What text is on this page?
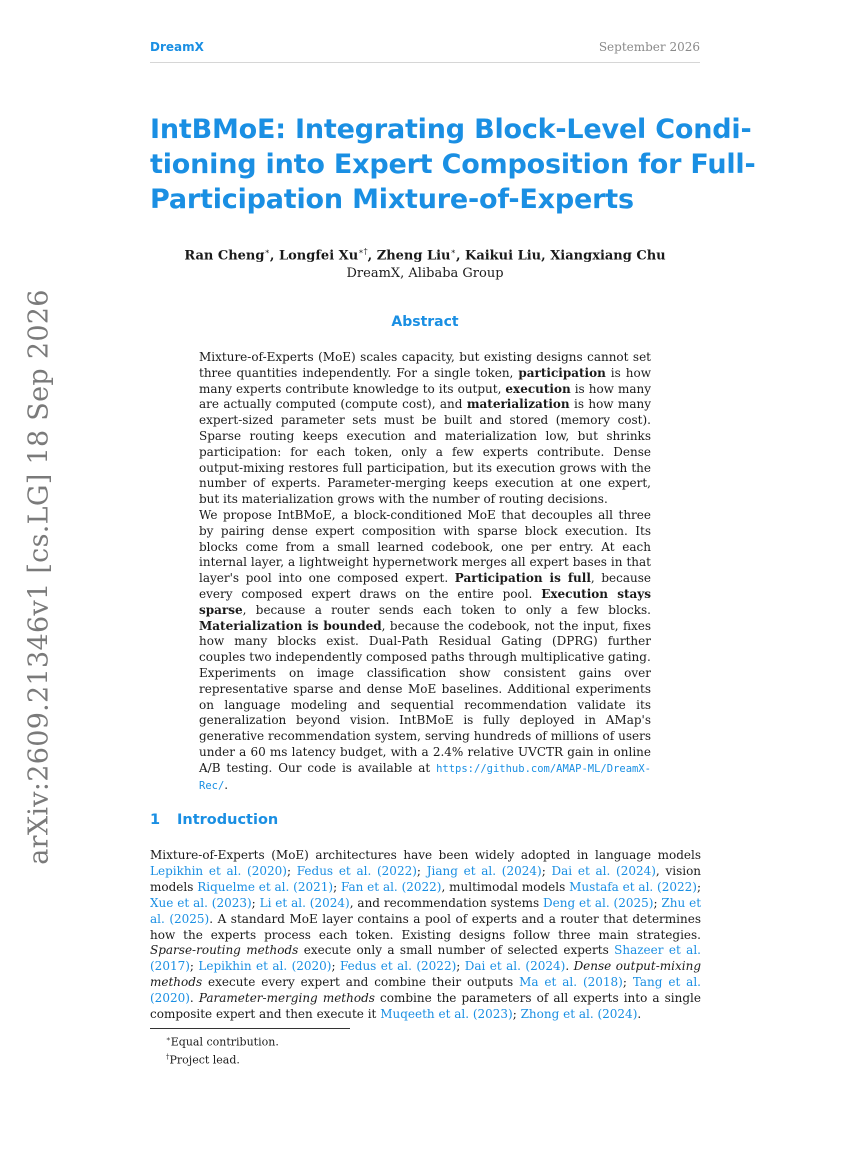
DreamX	September 2026
IntBMoE: Integrating Block-Level Condi-
tioning into Expert Composition for Full-
Participation Mixture-of-Experts
Ran Cheng∗, Longfei Xu∗†, Zheng Liu∗, Kaikui Liu, Xiangxiang Chu
DreamX, Alibaba Group
Abstract

Mixture-of-Experts (MoE) scales capacity, but existing designs cannot set three quantities independently. For a single token, participation is how many experts contribute knowledge to its output, execution is how many are actually computed (compute cost), and materialization is how many expert-sized parameter sets must be built and stored (memory cost). Sparse routing keeps execution and materialization low, but shrinks participation: for each token, only a few experts contribute. Dense output-mixing restores full participation, but its execution grows with the number of experts. Parameter-merging keeps execution at one expert, but its materialization grows with the number of routing decisions.

We propose IntBMoE, a block-conditioned MoE that decouples all three by pairing dense expert composition with sparse block execution. Its blocks come from a small learned codebook, one per entry. At each internal layer, a lightweight hypernetwork merges all expert bases in that layer's pool into one composed expert. Participation is full, because every composed expert draws on the entire pool. Execution stays sparse, because a router sends each token to only a few blocks. Materialization is bounded, because the codebook, not the input, fixes how many blocks exist. Dual-Path Residual Gating (DPRG) further couples two independently composed paths through multiplicative gating.

Experiments on image classification show consistent gains over representative sparse and dense MoE baselines. Additional experiments on language modeling and sequential recommendation validate its generalization beyond vision. IntBMoE is fully deployed in AMap's generative recommendation system, serving hundreds of millions of users under a 60 ms latency budget, with a 2.4% relative UVCTR gain in online A/B testing. Our code is available at https://github.com/AMAP-ML/DreamX-Rec/.

arXiv:2609.21346v1 [cs.LG] 18 Sep 2026	1 Introduction

Mixture-of-Experts (MoE) architectures have been widely adopted in language models Lepikhin et al. (2020); Fedus et al. (2022); Jiang et al. (2024); Dai et al. (2024), vision models Riquelme et al. (2021); Fan et al. (2022), multimodal models Mustafa et al. (2022); Xue et al. (2023); Li et al. (2024), and recommendation systems Deng et al. (2025); Zhu et al. (2025). A standard MoE layer contains a pool of experts and a router that determines how the experts process each token. Existing designs follow three main strategies. Sparse-routing methods execute only a small number of selected experts Shazeer et al. (2017); Lepikhin et al. (2020); Fedus et al. (2022); Dai et al. (2024). Dense output-mixing methods execute every expert and combine their outputs Ma et al. (2018); Tang et al. (2020). Parameter-merging methods combine the parameters of all experts into a single composite expert and then execute it Muqeeth et al. (2023); Zhong et al. (2024).

∗Equal contribution.
†Project lead.
